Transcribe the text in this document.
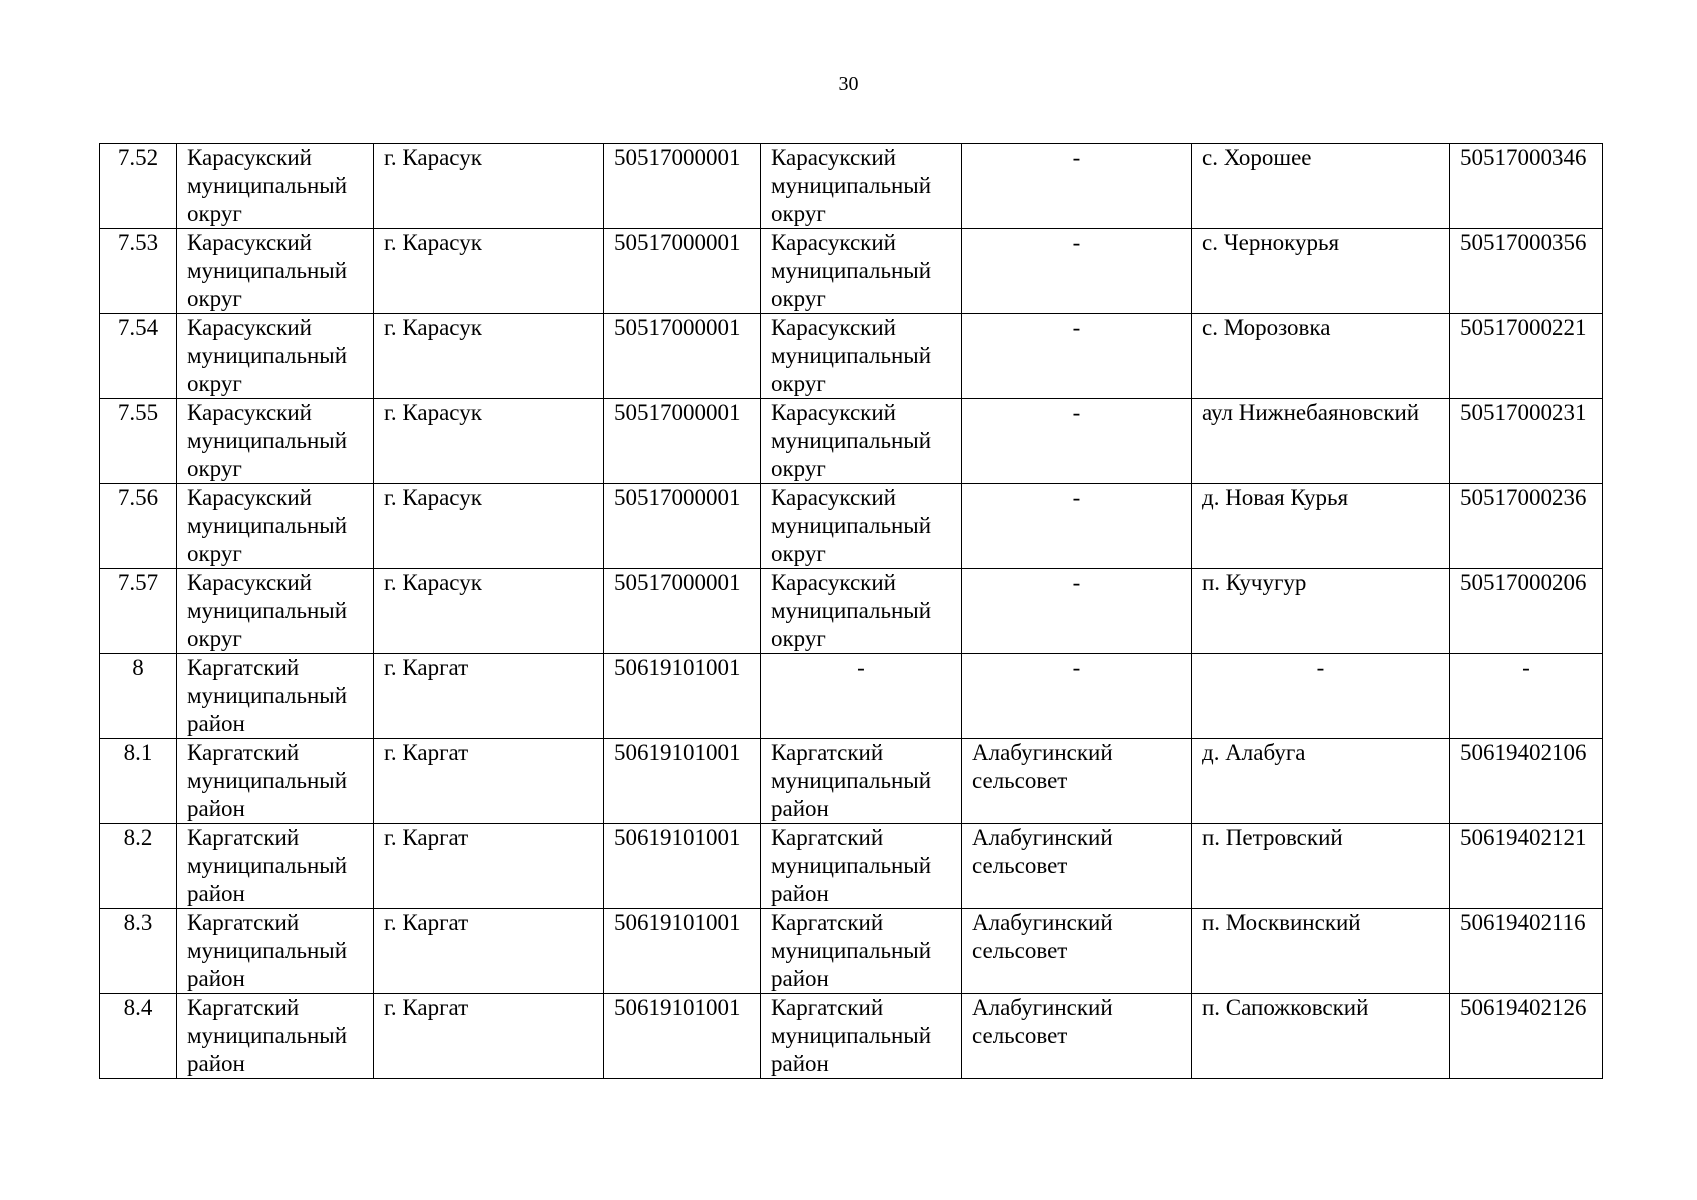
30
7.52	Карасукский муниципальный округ	г. Карасук	50517000001	Карасукский муниципальный округ	-	с. Хорошее	50517000346
7.53	Карасукский муниципальный округ	г. Карасук	50517000001	Карасукский муниципальный округ	-	с. Чернокурья	50517000356
7.54	Карасукский муниципальный округ	г. Карасук	50517000001	Карасукский муниципальный округ	-	с. Морозовка	50517000221
7.55	Карасукский муниципальный округ	г. Карасук	50517000001	Карасукский муниципальный округ	-	аул Нижнебаяновский	50517000231
7.56	Карасукский муниципальный округ	г. Карасук	50517000001	Карасукский муниципальный округ	-	д. Новая Курья	50517000236
7.57	Карасукский муниципальный округ	г. Карасук	50517000001	Карасукский муниципальный округ	-	п. Кучугур	50517000206
8	Каргатский муниципальный район	г. Каргат	50619101001	-	-	-	-
8.1	Каргатский муниципальный район	г. Каргат	50619101001	Каргатский муниципальный район	Алабугинский сельсовет	д. Алабуга	50619402106
8.2	Каргатский муниципальный район	г. Каргат	50619101001	Каргатский муниципальный район	Алабугинский сельсовет	п. Петровский	50619402121
8.3	Каргатский муниципальный район	г. Каргат	50619101001	Каргатский муниципальный район	Алабугинский сельсовет	п. Москвинский	50619402116
8.4	Каргатский муниципальный район	г. Каргат	50619101001	Каргатский муниципальный район	Алабугинский сельсовет	п. Сапожковский	50619402126
